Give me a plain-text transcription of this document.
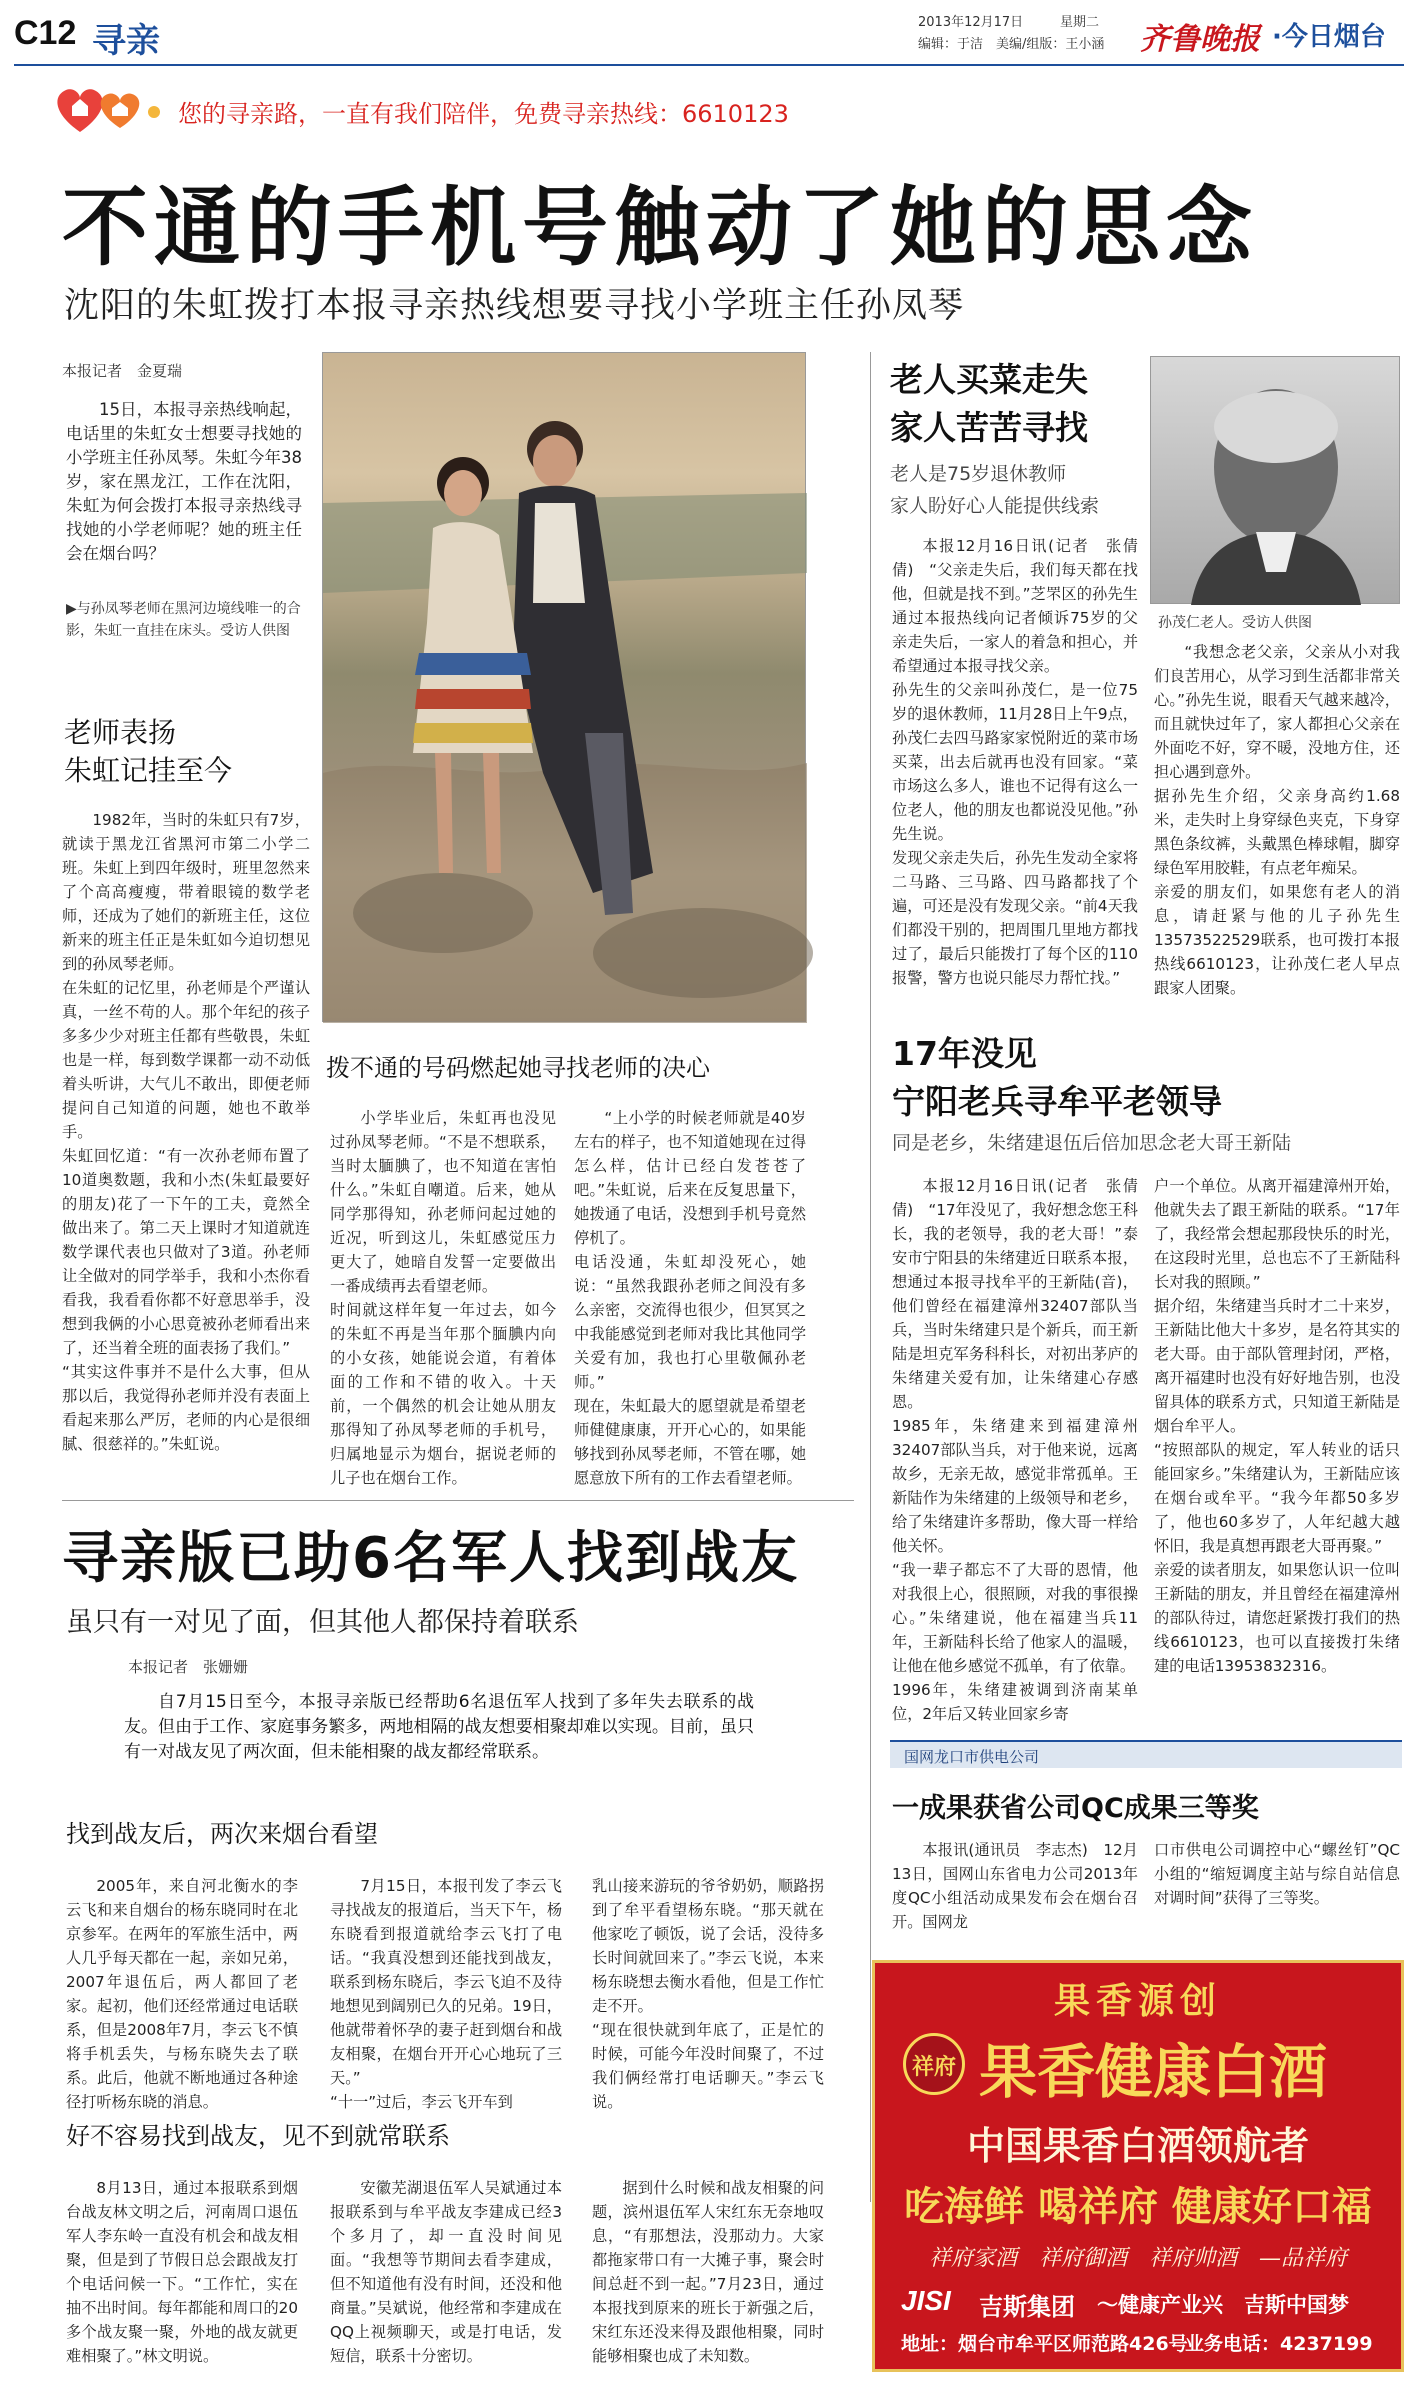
C12 寻亲	2013年12月17日	星期二
编辑：于洁　美编/组版：王小涵 齐鲁晚报 ·今日烟台
您的寻亲路，一直有我们陪伴，免费寻亲热线：6610123
不通的手机号触动了她的思念
沈阳的朱虹拨打本报寻亲热线想要寻找小学班主任孙凤琴
本报记者　金夏瑞
15日，本报寻亲热线响起，电话里的朱虹女士想要寻找她的小学班主任孙凤琴。朱虹今年38岁，家在黑龙江，工作在沈阳，朱虹为何会拨打本报寻亲热线寻找她的小学老师呢？她的班主任会在烟台吗？
▶与孙凤琴老师在黑河边境线唯一的合影，朱虹一直挂在床头。受访人供图
老师表扬
朱虹记挂至今
1982年，当时的朱虹只有7岁，就读于黑龙江省黑河市第二小学二班。朱虹上到四年级时，班里忽然来了个高高瘦瘦，带着眼镜的数学老师，还成为了她们的新班主任，这位新来的班主任正是朱虹如今迫切想见到的孙凤琴老师。
在朱虹的记忆里，孙老师是个严谨认真，一丝不苟的人。那个年纪的孩子多多少少对班主任都有些敬畏，朱虹也是一样，每到数学课都一动不动低着头听讲，大气儿不敢出，即便老师提问自己知道的问题，她也不敢举手。
朱虹回忆道：“有一次孙老师布置了10道奥数题，我和小杰(朱虹最要好的朋友)花了一下午的工夫，竟然全做出来了。第二天上课时才知道就连数学课代表也只做对了3道。孙老师让全做对的同学举手，我和小杰你看看我，我看看你都不好意思举手，没想到我俩的小心思竟被孙老师看出来了，还当着全班的面表扬了我们。”
“其实这件事并不是什么大事，但从那以后，我觉得孙老师并没有表面上看起来那么严厉，老师的内心是很细腻、很慈祥的。”朱虹说。
拨不通的号码燃起她寻找老师的决心
小学毕业后，朱虹再也没见过孙凤琴老师。“不是不想联系，当时太腼腆了，也不知道在害怕什么。”朱虹自嘲道。后来，她从同学那得知，孙老师问起过她的近况，听到这儿，朱虹感觉压力更大了，她暗自发誓一定要做出一番成绩再去看望老师。
时间就这样年复一年过去，如今的朱虹不再是当年那个腼腆内向的小女孩，她能说会道，有着体面的工作和不错的收入。十天前，一个偶然的机会让她从朋友那得知了孙凤琴老师的手机号，归属地显示为烟台，据说老师的儿子也在烟台工作。
“上小学的时候老师就是40岁左右的样子，也不知道她现在过得怎么样，估计已经白发苍苍了吧。”朱虹说，后来在反复思量下，她拨通了电话，没想到手机号竟然停机了。
电话没通，朱虹却没死心，她说：“虽然我跟孙老师之间没有多么亲密，交流得也很少，但冥冥之中我能感觉到老师对我比其他同学关爱有加，我也打心里敬佩孙老师。”
现在，朱虹最大的愿望就是希望老师健健康康，开开心心的，如果能够找到孙凤琴老师，不管在哪，她愿意放下所有的工作去看望老师。
老人买菜走失
家人苦苦寻找
老人是75岁退休教师
家人盼好心人能提供线索
孙茂仁老人。受访人供图
本报12月16日讯(记者　张倩倩)　“父亲走失后，我们每天都在找他，但就是找不到。”芝罘区的孙先生通过本报热线向记者倾诉75岁的父亲走失后，一家人的着急和担心，并希望通过本报寻找父亲。
孙先生的父亲叫孙茂仁，是一位75岁的退休教师，11月28日上午9点，孙茂仁去四马路家家悦附近的菜市场买菜，出去后就再也没有回家。“菜市场这么多人，谁也不记得有这么一位老人，他的朋友也都说没见他。”孙先生说。
发现父亲走失后，孙先生发动全家将二马路、三马路、四马路都找了个遍，可还是没有发现父亲。“前4天我们都没干别的，把周围几里地方都找过了，最后只能拨打了每个区的110报警，警方也说只能尽力帮忙找。”
“我想念老父亲，父亲从小对我们良苦用心，从学习到生活都非常关心。”孙先生说，眼看天气越来越冷，而且就快过年了，家人都担心父亲在外面吃不好，穿不暖，没地方住，还担心遇到意外。
据孙先生介绍，父亲身高约1.68米，走失时上身穿绿色夹克，下身穿黑色条纹裤，头戴黑色棒球帽，脚穿绿色军用胶鞋，有点老年痴呆。
亲爱的朋友们，如果您有老人的消息，请赶紧与他的儿子孙先生13573522529联系，也可拨打本报热线6610123，让孙茂仁老人早点跟家人团聚。
17年没见
宁阳老兵寻牟平老领导
同是老乡，朱绪建退伍后倍加思念老大哥王新陆
本报12月16日讯(记者　张倩倩)　“17年没见了，我好想念您王科长，我的老领导，我的老大哥！”泰安市宁阳县的朱绪建近日联系本报，想通过本报寻找牟平的王新陆(音)，他们曾经在福建漳州32407部队当兵，当时朱绪建只是个新兵，而王新陆是坦克军务科科长，对初出茅庐的朱绪建关爱有加，让朱绪建心存感恩。
1985年，朱绪建来到福建漳州32407部队当兵，对于他来说，远离故乡，无亲无故，感觉非常孤单。王新陆作为朱绪建的上级领导和老乡，给了朱绪建许多帮助，像大哥一样给他关怀。
“我一辈子都忘不了大哥的恩情，他对我很上心，很照顾，对我的事很操心。”朱绪建说，他在福建当兵11年，王新陆科长给了他家人的温暖，让他在他乡感觉不孤单，有了依靠。
1996年，朱绪建被调到济南某单位，2年后又转业回家乡寄
户一个单位。从离开福建漳州开始，他就失去了跟王新陆的联系。“17年了，我经常会想起那段快乐的时光，在这段时光里，总也忘不了王新陆科长对我的照顾。”
据介绍，朱绪建当兵时才二十来岁，王新陆比他大十多岁，是名符其实的老大哥。由于部队管理封闭，严格，离开福建时也没有好好地告别，也没留具体的联系方式，只知道王新陆是烟台牟平人。
“按照部队的规定，军人转业的话只能回家乡。”朱绪建认为，王新陆应该在烟台或牟平。“我今年都50多岁了，他也60多岁了，人年纪越大越怀旧，我是真想再跟老大哥再聚。”
亲爱的读者朋友，如果您认识一位叫王新陆的朋友，并且曾经在福建漳州的部队待过，请您赶紧拨打我们的热线6610123，也可以直接拨打朱绪建的电话13953832316。
国网龙口市供电公司
一成果获省公司QC成果三等奖
本报讯(通讯员　李志杰)　12月13日，国网山东省电力公司2013年度QC小组活动成果发布会在烟台召开。国网龙
口市供电公司调控中心“螺丝钉”QC小组的“缩短调度主站与综自站信息对调时间”获得了三等奖。
寻亲版已助6名军人找到战友
虽只有一对见了面，但其他人都保持着联系
本报记者　张姗姗
自7月15日至今，本报寻亲版已经帮助6名退伍军人找到了多年失去联系的战友。但由于工作、家庭事务繁多，两地相隔的战友想要相聚却难以实现。目前，虽只有一对战友见了两次面，但未能相聚的战友都经常联系。
找到战友后，两次来烟台看望
2005年，来自河北衡水的李云飞和来自烟台的杨东晓同时在北京参军。在两年的军旅生活中，两人几乎每天都在一起，亲如兄弟，2007年退伍后，两人都回了老家。起初，他们还经常通过电话联系，但是2008年7月，李云飞不慎将手机丢失，与杨东晓失去了联系。此后，他就不断地通过各种途径打听杨东晓的消息。
7月15日，本报刊发了李云飞寻找战友的报道后，当天下午，杨东晓看到报道就给李云飞打了电话。“我真没想到还能找到战友，联系到杨东晓后，李云飞迫不及待地想见到阔别已久的兄弟。19日，他就带着怀孕的妻子赶到烟台和战友相聚，在烟台开开心心地玩了三天。”
“十一”过后，李云飞开车到
乳山接来游玩的爷爷奶奶，顺路拐到了牟平看望杨东晓。“那天就在他家吃了顿饭，说了会话，没待多长时间就回来了。”李云飞说，本来杨东晓想去衡水看他，但是工作忙走不开。
“现在很快就到年底了，正是忙的时候，可能今年没时间聚了，不过我们俩经常打电话聊天。”李云飞说。
好不容易找到战友，见不到就常联系
8月13日，通过本报联系到烟台战友林文明之后，河南周口退伍军人李东岭一直没有机会和战友相聚，但是到了节假日总会跟战友打个电话问候一下。“工作忙，实在抽不出时间。每年都能和周口的20多个战友聚一聚，外地的战友就更难相聚了。”林文明说。
安徽芜湖退伍军人吴斌通过本报联系到与牟平战友李建成已经3个多月了，却一直没时间见面。“我想等节期间去看李建成，但不知道他有没有时间，还没和他商量。”吴斌说，他经常和李建成在QQ上视频聊天，或是打电话，发短信，联系十分密切。
据到什么时候和战友相聚的问题，滨州退伍军人宋红东无奈地叹息，“有那想法，没那动力。大家都拖家带口有一大摊子事，聚会时间总赶不到一起。”7月23日，通过本报找到原来的班长于新强之后，宋红东还没来得及跟他相聚，同时能够相聚也成了未知数。
果香源创
祥府 果香健康白酒
中国果香白酒领航者
吃海鲜 喝祥府 健康好口福
祥府家酒　祥府御酒　祥府帅酒　—品祥府
JISI 吉斯集团 ～健康产业兴　吉斯中国梦
地址：烟台市牟平区师范路426号
业务电话：4237199
